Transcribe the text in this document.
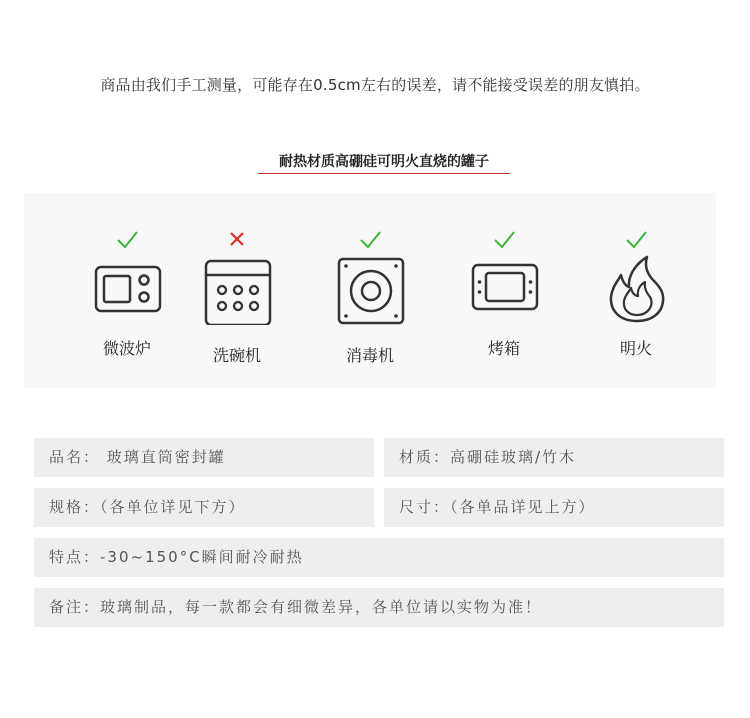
商品由我们手工测量，可能存在0.5cm左右的误差，请不能接受误差的朋友慎拍。
耐热材质高硼硅可明火直烧的罐子
微波炉	洗碗机	消毒机	烤箱	明火
品名： 玻璃直筒密封罐	材质：高硼硅玻璃/竹木
规格：（各单位详见下方）	尺寸：（各单品详见上方）
特点：-30~150°C瞬间耐冷耐热
备注：玻璃制品，每一款都会有细微差异，各单位请以实物为准！
